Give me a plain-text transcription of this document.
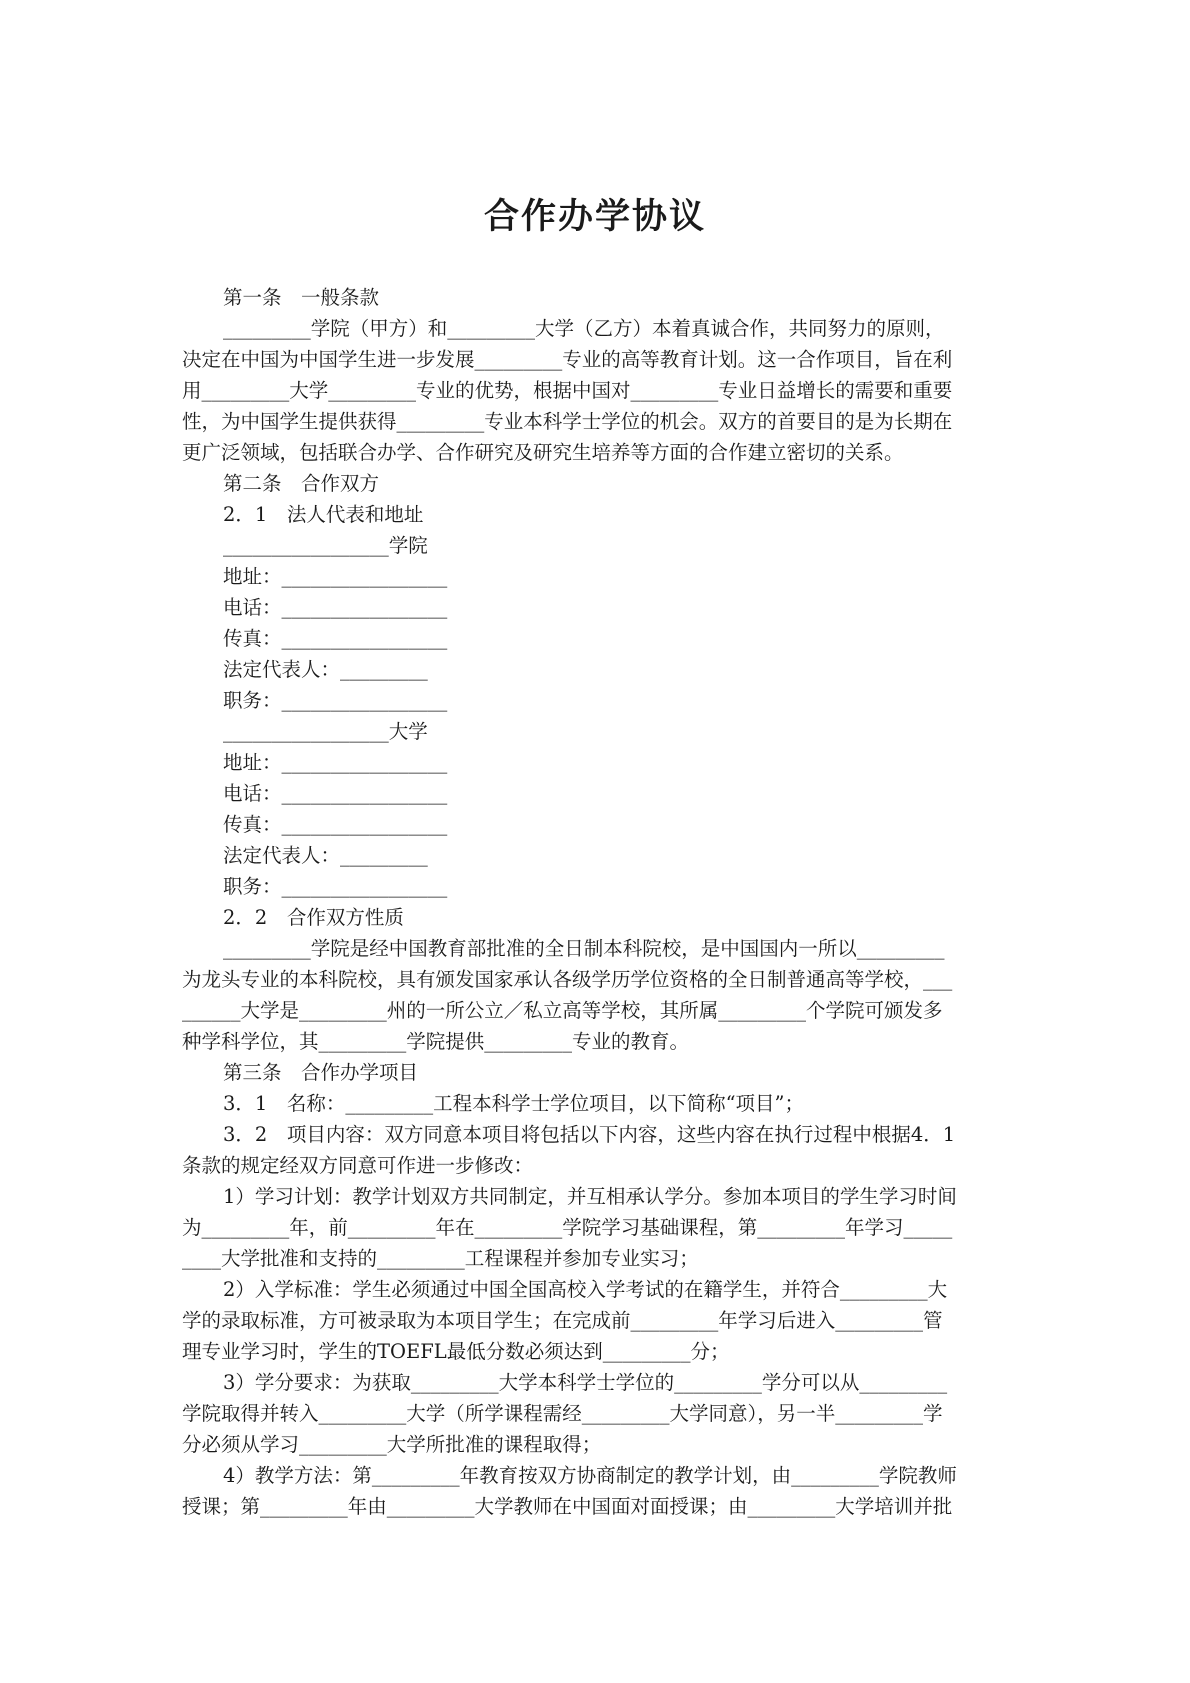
合作办学协议

第一条　一般条款

_________学院（甲方）和_________大学（乙方）本着真诚合作，共同努力的原则，

决定在中国为中国学生进一步发展_________专业的高等教育计划。这一合作项目，旨在利

用_________大学_________专业的优势，根据中国对_________专业日益增长的需要和重要

性，为中国学生提供获得_________专业本科学士学位的机会。双方的首要目的是为长期在

更广泛领域，包括联合办学、合作研究及研究生培养等方面的合作建立密切的关系。

第二条　合作双方

2．1　法人代表和地址

_________________学院

地址：_________________

电话：_________________

传真：_________________

法定代表人：_________

职务：_________________

_________________大学

地址：_________________

电话：_________________

传真：_________________

法定代表人：_________

职务：_________________

2．2　合作双方性质

_________学院是经中国教育部批准的全日制本科院校，是中国国内一所以_________

为龙头专业的本科院校，具有颁发国家承认各级学历学位资格的全日制普通高等学校，___

______大学是_________州的一所公立／私立高等学校，其所属_________个学院可颁发多

种学科学位，其_________学院提供_________专业的教育。

第三条　合作办学项目

3．1　名称：_________工程本科学士学位项目，以下简称“项目”；

3．2　项目内容：双方同意本项目将包括以下内容，这些内容在执行过程中根据4．1

条款的规定经双方同意可作进一步修改：

1）学习计划：教学计划双方共同制定，并互相承认学分。参加本项目的学生学习时间

为_________年，前_________年在_________学院学习基础课程，第_________年学习_____

____大学批准和支持的_________工程课程并参加专业实习；

2）入学标准：学生必须通过中国全国高校入学考试的在籍学生，并符合_________大

学的录取标准，方可被录取为本项目学生；在完成前_________年学习后进入_________管

理专业学习时，学生的TOEFL最低分数必须达到_________分；

3）学分要求：为获取_________大学本科学士学位的_________学分可以从_________

学院取得并转入_________大学（所学课程需经_________大学同意），另一半_________学

分必须从学习_________大学所批准的课程取得；

4）教学方法：第_________年教育按双方协商制定的教学计划，由_________学院教师

授课；第_________年由_________大学教师在中国面对面授课；由_________大学培训并批
